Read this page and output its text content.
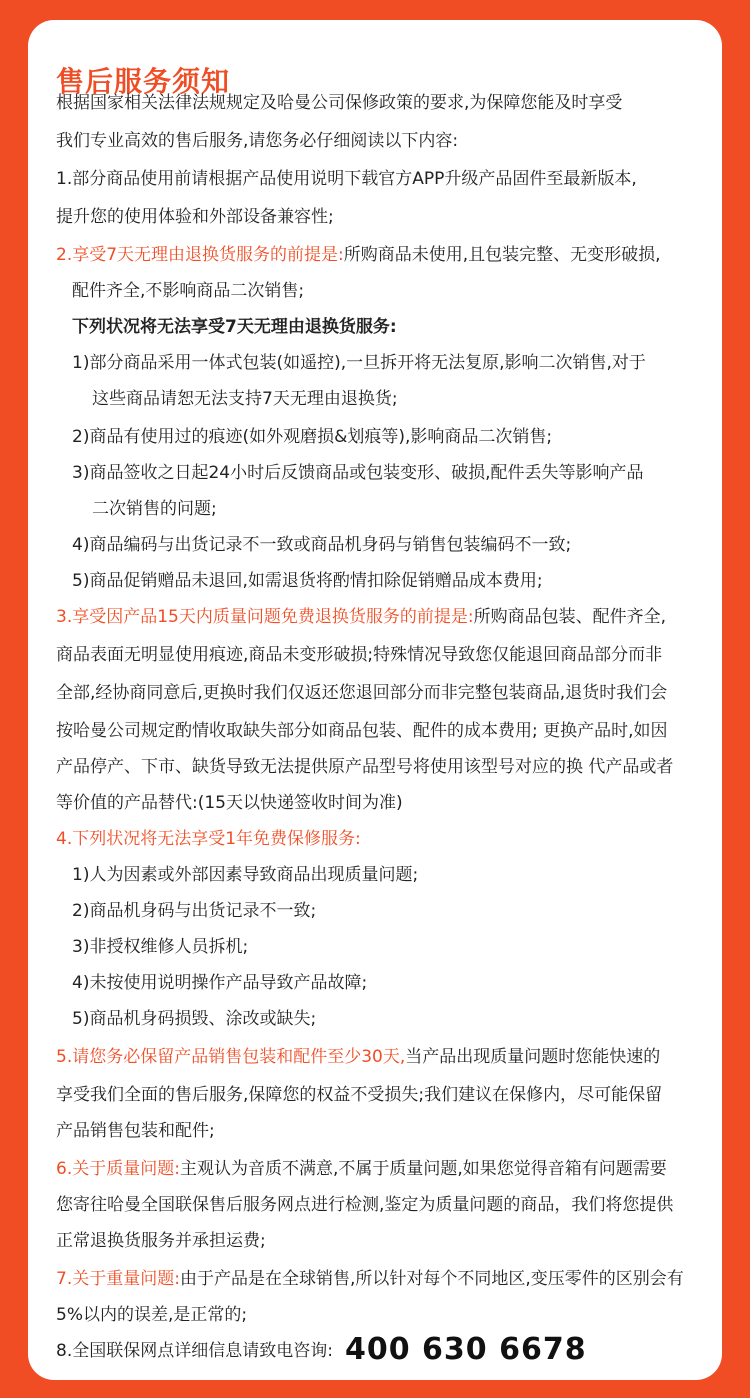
售后服务须知
根据国家相关法律法规规定及哈曼公司保修政策的要求,为保障您能及时享受
我们专业高效的售后服务,请您务必仔细阅读以下内容:
1.部分商品使用前请根据产品使用说明下载官方APP升级产品固件至最新版本,
提升您的使用体验和外部设备兼容性;
2.享受7天无理由退换货服务的前提是:所购商品未使用,且包装完整、无变形破损,
配件齐全,不影响商品二次销售;
下列状况将无法享受7天无理由退换货服务:
1)部分商品采用一体式包装(如遥控),一旦拆开将无法复原,影响二次销售,对于
这些商品请恕无法支持7天无理由退换货;
2)商品有使用过的痕迹(如外观磨损&划痕等),影响商品二次销售;
3)商品签收之日起24小时后反馈商品或包装变形、破损,配件丢失等影响产品
二次销售的问题;
4)商品编码与出货记录不一致或商品机身码与销售包装编码不一致;
5)商品促销赠品未退回,如需退货将酌情扣除促销赠品成本费用;
3.享受因产品15天内质量问题免费退换货服务的前提是:所购商品包装、配件齐全,
商品表面无明显使用痕迹,商品未变形破损;特殊情况导致您仅能退回商品部分而非
全部,经协商同意后,更换时我们仅返还您退回部分而非完整包装商品,退货时我们会
按哈曼公司规定酌情收取缺失部分如商品包装、配件的成本费用; 更换产品时,如因
产品停产、下市、缺货导致无法提供原产品型号将使用该型号对应的换 代产品或者
等价值的产品替代:(15天以快递签收时间为准)
4.下列状况将无法享受1年免费保修服务:
1)人为因素或外部因素导致商品出现质量问题;
2)商品机身码与出货记录不一致;
3)非授权维修人员拆机;
4)未按使用说明操作产品导致产品故障;
5)商品机身码损毁、涂改或缺失;
5.请您务必保留产品销售包装和配件至少30天,当产品出现质量问题时您能快速的
享受我们全面的售后服务,保障您的权益不受损失;我们建议在保修内，尽可能保留
产品销售包装和配件;
6.关于质量问题:主观认为音质不满意,不属于质量问题,如果您觉得音箱有问题需要
您寄往哈曼全国联保售后服务网点进行检测,鉴定为质量问题的商品，我们将您提供
正常退换货服务并承担运费;
7.关于重量问题:由于产品是在全球销售,所以针对每个不同地区,变压零件的区别会有
5%以内的误差,是正常的;
8.全国联保网点详细信息请致电咨询: 400 630 6678
